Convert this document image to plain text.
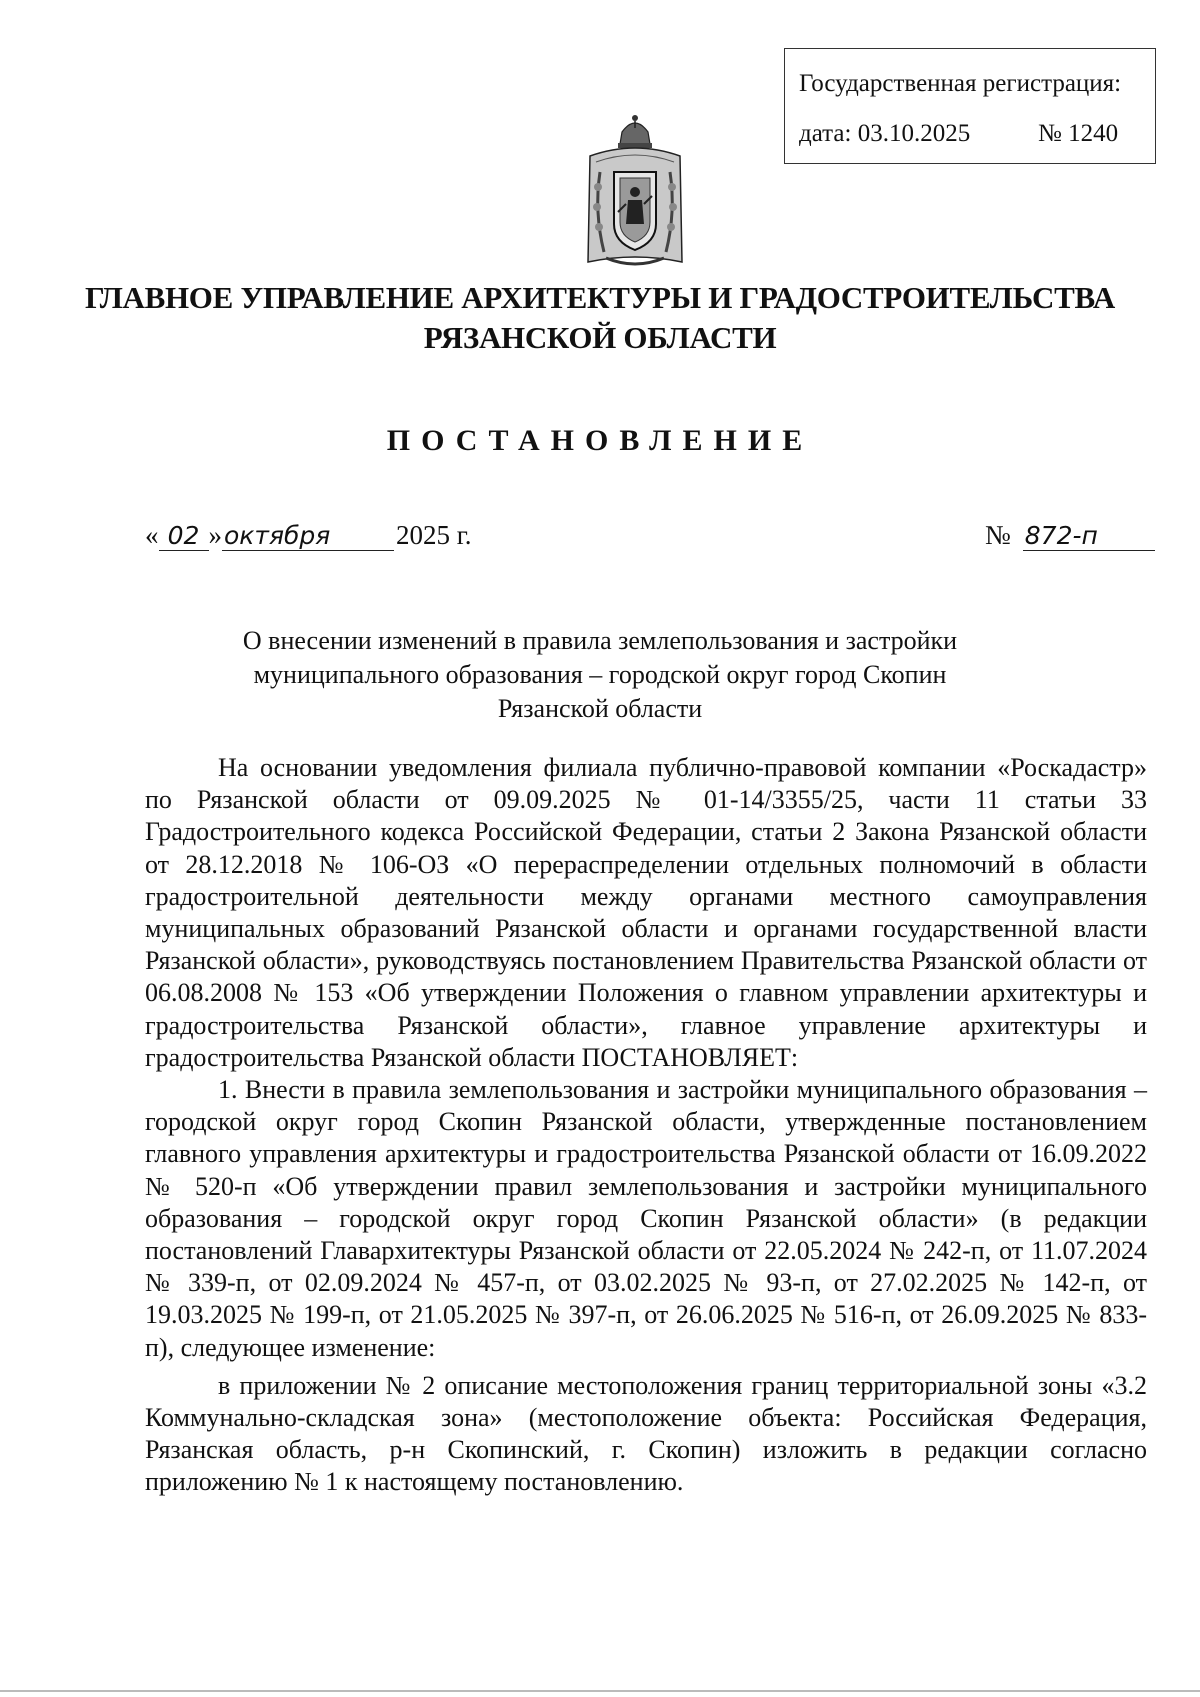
Государственная регистрация:
дата: 03.10.2025	№ 1240
ГЛАВНОЕ УПРАВЛЕНИЕ АРХИТЕКТУРЫ И ГРАДОСТРОИТЕЛЬСТВА
РЯЗАНСКОЙ ОБЛАСТИ
ПОСТАНОВЛЕНИЕ
« 02 »октября 2025 г.	№ 872-п
О внесении изменений в правила землепользования и застройки
муниципального образования – городской округ город Скопин
Рязанской области

На основании уведомления филиала публично-правовой компании «Роскадастр» по Рязанской области от 09.09.2025 № 01-14/3355/25, части 11 статьи 33 Градостроительного кодекса Российской Федерации, статьи 2 Закона Рязанской области от 28.12.2018 № 106-ОЗ «О перераспределении отдельных полномочий в области градостроительной деятельности между органами местного самоуправления муниципальных образований Рязанской области и органами государственной власти Рязанской области», руководствуясь постановлением Правительства Рязанской области от 06.08.2008 № 153 «Об утверждении Положения о главном управлении архитектуры и градостроительства Рязанской области», главное управление архитектуры и градостроительства Рязанской области ПОСТАНОВЛЯЕТ:

1. Внести в правила землепользования и застройки муниципального образования – городской округ город Скопин Рязанской области, утвержденные постановлением главного управления архитектуры и градостроительства Рязанской области от 16.09.2022 № 520-п «Об утверждении правил землепользования и застройки муниципального образования – городской округ город Скопин Рязанской области» (в редакции постановлений Главархитектуры Рязанской области от 22.05.2024 № 242-п, от 11.07.2024 № 339-п, от 02.09.2024 № 457-п, от 03.02.2025 № 93-п, от 27.02.2025 № 142-п, от 19.03.2025 № 199-п, от 21.05.2025 № 397-п, от 26.06.2025 № 516-п, от 26.09.2025 № 833-п), следующее изменение:

в приложении № 2 описание местоположения границ территориальной зоны «3.2 Коммунально-складская зона» (местоположение объекта: Российская Федерация, Рязанская область, р-н Скопинский, г. Скопин) изложить в редакции согласно приложению № 1 к настоящему постановлению.
